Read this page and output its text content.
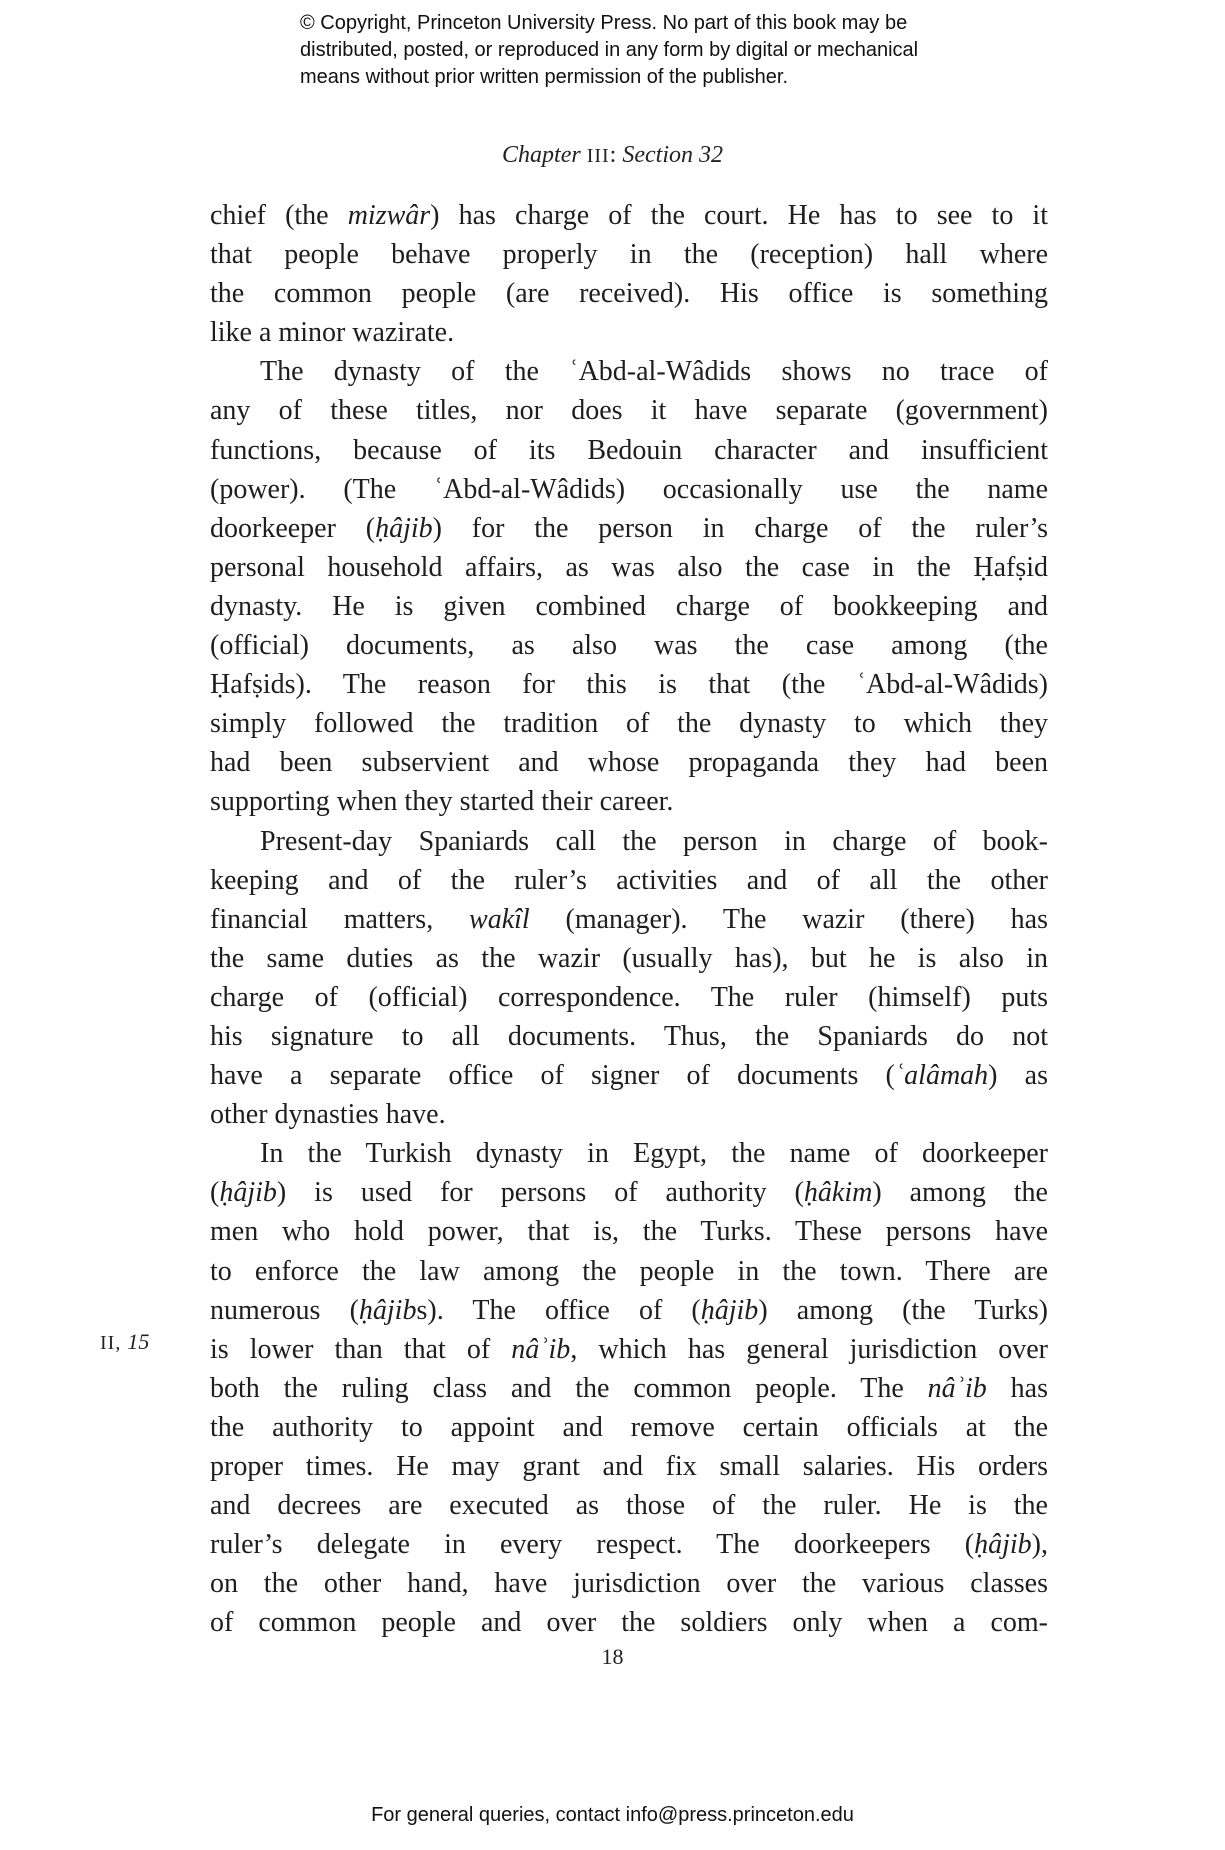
© Copyright, Princeton University Press. No part of this book may be
distributed, posted, or reproduced in any form by digital or mechanical
means without prior written permission of the publisher.
Chapter III: Section 32
chief (the mizwâr) has charge of the court. He has to see to it
that people behave properly in the (reception) hall where
the common people (are received). His office is something
like a minor wazirate.
The dynasty of the ʿAbd-al-Wâdids shows no trace of
any of these titles, nor does it have separate (government)
functions, because of its Bedouin character and insufficient
(power). (The ʿAbd-al-Wâdids) occasionally use the name
doorkeeper (ḥâjib) for the person in charge of the ruler’s
personal household affairs, as was also the case in the Ḥafṣid
dynasty. He is given combined charge of bookkeeping and
(official) documents, as also was the case among (the
Ḥafṣids). The reason for this is that (the ʿAbd-al-Wâdids)
simply followed the tradition of the dynasty to which they
had been subservient and whose propaganda they had been
supporting when they started their career.
Present-day Spaniards call the person in charge of book-
keeping and of the ruler’s activities and of all the other
financial matters, wakîl (manager). The wazir (there) has
the same duties as the wazir (usually has), but he is also in
charge of (official) correspondence. The ruler (himself) puts
his signature to all documents. Thus, the Spaniards do not
have a separate office of signer of documents (ʿalâmah) as
other dynasties have.
In the Turkish dynasty in Egypt, the name of doorkeeper
(ḥâjib) is used for persons of authority (ḥâkim) among the
men who hold power, that is, the Turks. These persons have
to enforce the law among the people in the town. There are
numerous (ḥâjibs). The office of (ḥâjib) among (the Turks)
is lower than that of nâʾib, which has general jurisdiction over
both the ruling class and the common people. The nâʾib has
the authority to appoint and remove certain officials at the
proper times. He may grant and fix small salaries. His orders
and decrees are executed as those of the ruler. He is the
ruler’s delegate in every respect. The doorkeepers (ḥâjib),
on the other hand, have jurisdiction over the various classes
of common people and over the soldiers only when a com-
II, 15
18
For general queries, contact info@press.princeton.edu
